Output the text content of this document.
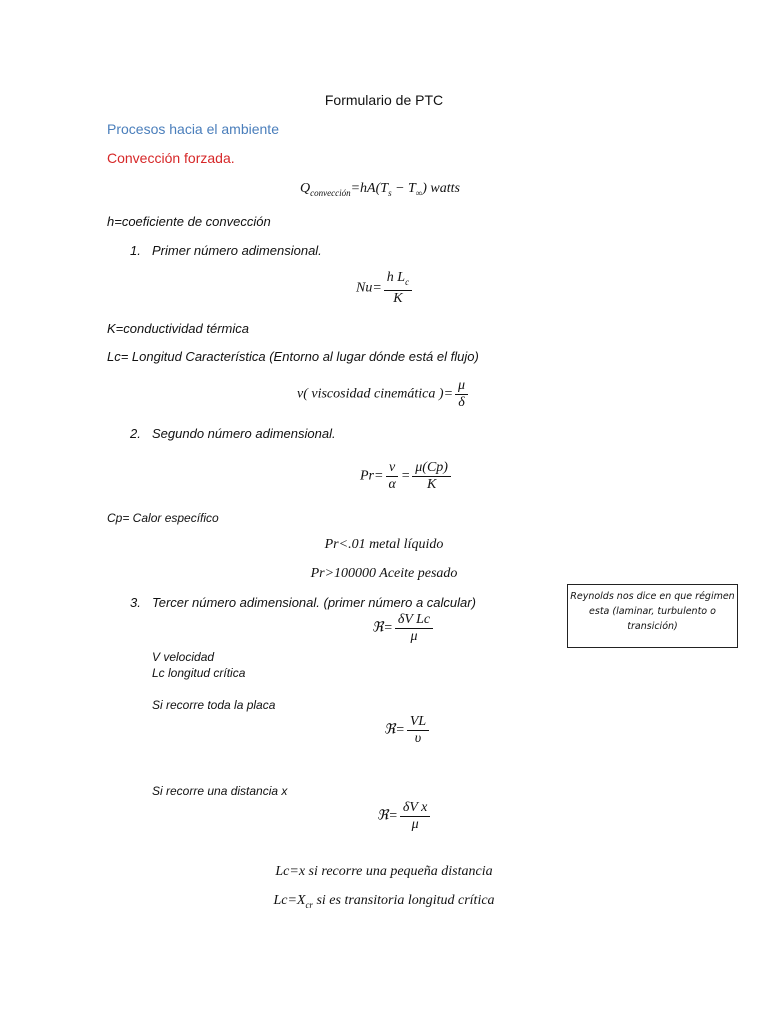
Formulario de PTC
Procesos hacia el ambiente
Convección forzada.
$Q_{convección}=hA(T_s - T_\infty)$ watts
h=coeficiente de convección
1. Primer número adimensional.
$Nu= \frac{h L_c}{K}$
K=conductividad térmica
Lc= Longitud Característica (Entorno al lugar dónde está el flujo)
v( viscosidad cinemática )= $\frac{\mu}{\delta}$
2. Segundo número adimensional.
$Pr= \frac{v}{\alpha} = \frac{\mu(Cp)}{K}$
Cp= Calor específico
Pr<.01 metal líquido
Pr>100000 Aceite pesado
3. Tercer número adimensional. (primer número a calcular)
ℜ= $\frac{\text{δV Lc}}{\mu}$
V velocidad
Lc longitud crítica
Si recorre toda la placa
ℜ= $\frac{VL}{\upsilon}$
Si recorre una distancia x
ℜ= $\frac{\text{δV x}}{\mu}$
Lc=x si recorre una pequeña distancia
$Lc=X_{cr}$ si es transitoria longitud crítica
Reynolds nos dice en que régimen esta (laminar, turbulento o transición)
